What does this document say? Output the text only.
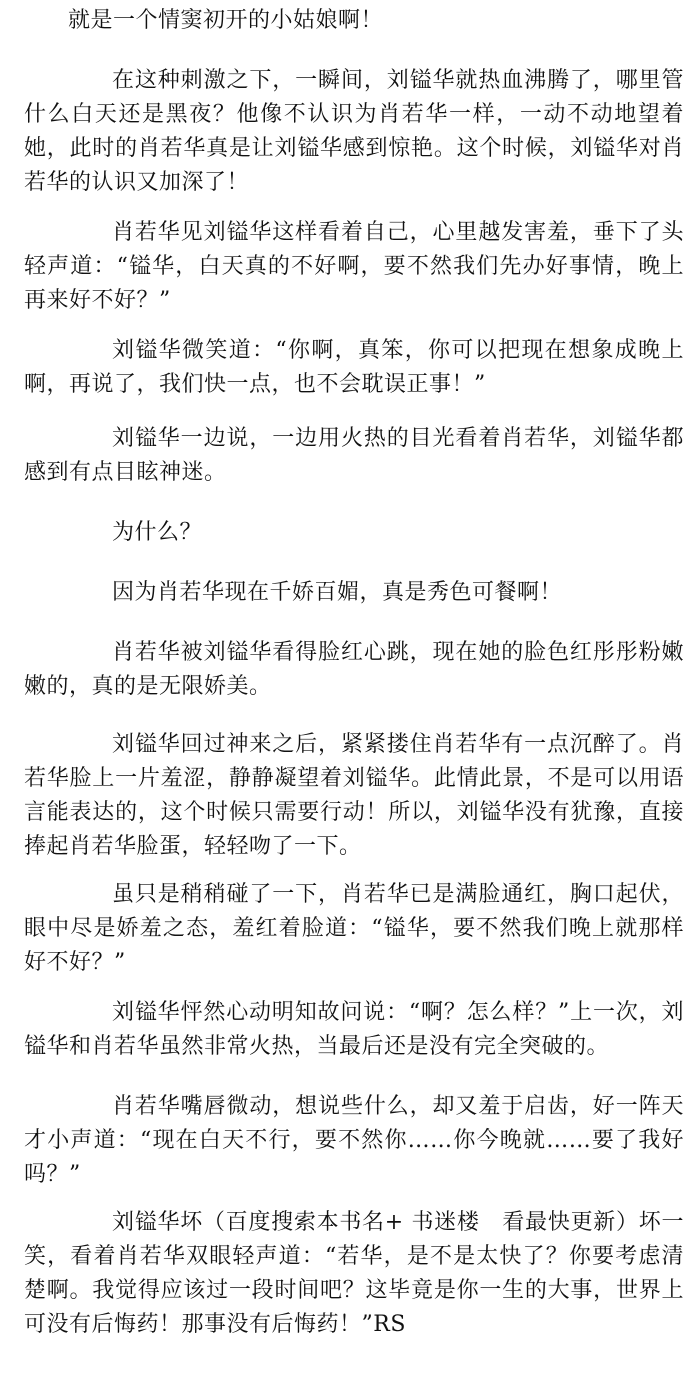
就是一个情窦初开的小姑娘啊！

在这种刺激之下，一瞬间，刘镒华就热血沸腾了，哪里管什么白天还是黑夜？他像不认识为肖若华一样，一动不动地望着她，此时的肖若华真是让刘镒华感到惊艳。这个时候，刘镒华对肖若华的认识又加深了！

肖若华见刘镒华这样看着自己，心里越发害羞，垂下了头轻声道：“镒华，白天真的不好啊，要不然我们先办好事情，晚上再来好不好？”

刘镒华微笑道：“你啊，真笨，你可以把现在想象成晚上啊，再说了，我们快一点，也不会耽误正事！”

刘镒华一边说，一边用火热的目光看着肖若华，刘镒华都感到有点目眩神迷。

为什么？

因为肖若华现在千娇百媚，真是秀色可餐啊！

肖若华被刘镒华看得脸红心跳，现在她的脸色红彤彤粉嫩嫩的，真的是无限娇美。

刘镒华回过神来之后，紧紧搂住肖若华有一点沉醉了。肖若华脸上一片羞涩，静静凝望着刘镒华。此情此景，不是可以用语言能表达的，这个时候只需要行动！所以，刘镒华没有犹豫，直接捧起肖若华脸蛋，轻轻吻了一下。

虽只是稍稍碰了一下，肖若华已是满脸通红，胸口起伏，眼中尽是娇羞之态，羞红着脸道：“镒华，要不然我们晚上就那样好不好？”

刘镒华怦然心动明知故问说：“啊？怎么样？”上一次，刘镒华和肖若华虽然非常火热，当最后还是没有完全突破的。

肖若华嘴唇微动，想说些什么，却又羞于启齿，好一阵天才小声道：“现在白天不行，要不然你……你今晚就……要了我好吗？”

刘镒华坏（百度搜索本书名+ 书迷楼　看最快更新）坏一笑，看着肖若华双眼轻声道：“若华，是不是太快了？你要考虑清楚啊。我觉得应该过一段时间吧？这毕竟是你一生的大事，世界上可没有后悔药！那事没有后悔药！”RS
